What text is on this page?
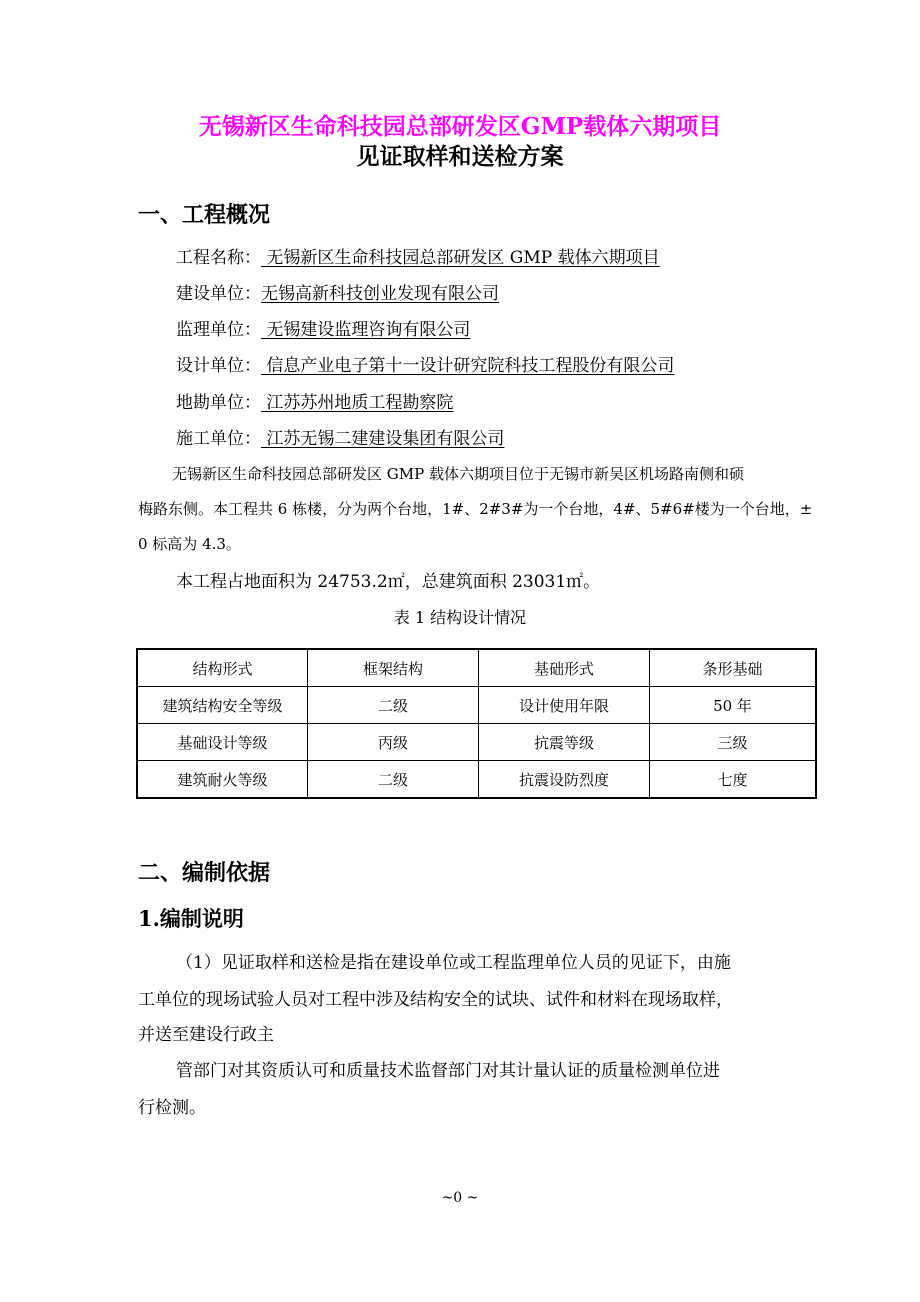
无锡新区生命科技园总部研发区GMP载体六期项目
见证取样和送检方案
一、工程概况
工程名称： 无锡新区生命科技园总部研发区 GMP 载体六期项目
建设单位：无锡高新科技创业发现有限公司
监理单位： 无锡建设监理咨询有限公司
设计单位： 信息产业电子第十一设计研究院科技工程股份有限公司
地勘单位： 江苏苏州地质工程勘察院
施工单位： 江苏无锡二建建设集团有限公司
无锡新区生命科技园总部研发区 GMP 载体六期项目位于无锡市新吴区机场路南侧和硕
梅路东侧。本工程共 6 栋楼，分为两个台地，1#、2#3#为一个台地，4#、5#6#楼为一个台地，±
0 标高为 4.3。
本工程占地面积为 24753.2㎡，总建筑面积 23031㎡。
表 1 结构设计情况
结构形式	框架结构	基础形式	条形基础
建筑结构安全等级	二级	设计使用年限	50 年
基础设计等级	丙级	抗震等级	三级
建筑耐火等级	二级	抗震设防烈度	七度
二、编制依据
1.编制说明
（1）见证取样和送检是指在建设单位或工程监理单位人员的见证下，由施
工单位的现场试验人员对工程中涉及结构安全的试块、试件和材料在现场取样，
并送至建设行政主
管部门对其资质认可和质量技术监督部门对其计量认证的质量检测单位进
行检测。
~0 ~
